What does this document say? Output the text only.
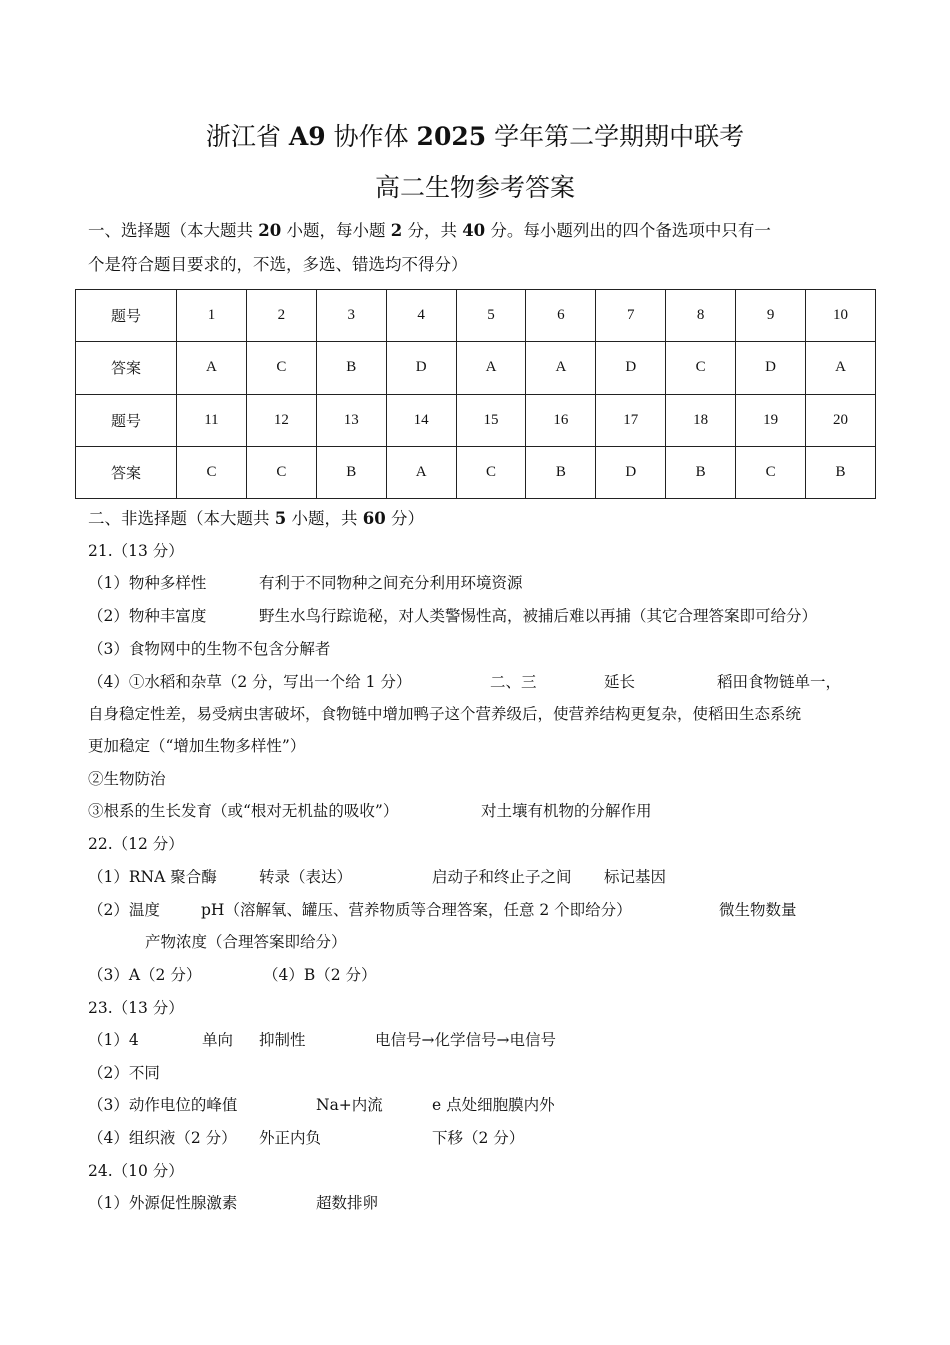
浙江省 A9 协作体 2025 学年第二学期期中联考
高二生物参考答案
一、选择题（本大题共 20 小题，每小题 2 分，共 40 分。每小题列出的四个备选项中只有一
个是符合题目要求的，不选，多选、错选均不得分）
题号	1	2	3	4	5	6	7	8	9	10
答案	A	C	B	D	A	A	D	C	D	A
题号	11	12	13	14	15	16	17	18	19	20
答案	C	C	B	A	C	B	D	B	C	B
二、非选择题（本大题共 5 小题，共 60 分）
21.（13 分）
（1）物种多样性	有利于不同物种之间充分利用环境资源
（2）物种丰富度	野生水鸟行踪诡秘，对人类警惕性高，被捕后难以再捕（其它合理答案即可给分）
（3）食物网中的生物不包含分解者
（4）①水稻和杂草（2 分，写出一个给 1 分）	二、三	延长	稻田食物链单一，
自身稳定性差，易受病虫害破坏，食物链中增加鸭子这个营养级后，使营养结构更复杂，使稻田生态系统
更加稳定（“增加生物多样性”）
②生物防治
③根系的生长发育（或“根对无机盐的吸收”）	对土壤有机物的分解作用
22.（12 分）
（1）RNA 聚合酶	转录（表达）	启动子和终止子之间 标记基因
（2）温度	pH（溶解氧、罐压、营养物质等合理答案，任意 2 个即给分）	微生物数量
产物浓度（合理答案即给分）
（3）A（2 分）	（4）B（2 分）
23.（13 分）
（1）4	单向 抑制性	电信号→化学信号→电信号
（2）不同
（3）动作电位的峰值	Na+内流	e 点处细胞膜内外
（4）组织液（2 分） 外正内负	下移（2 分）
24.（10 分）
（1）外源促性腺激素	超数排卵
